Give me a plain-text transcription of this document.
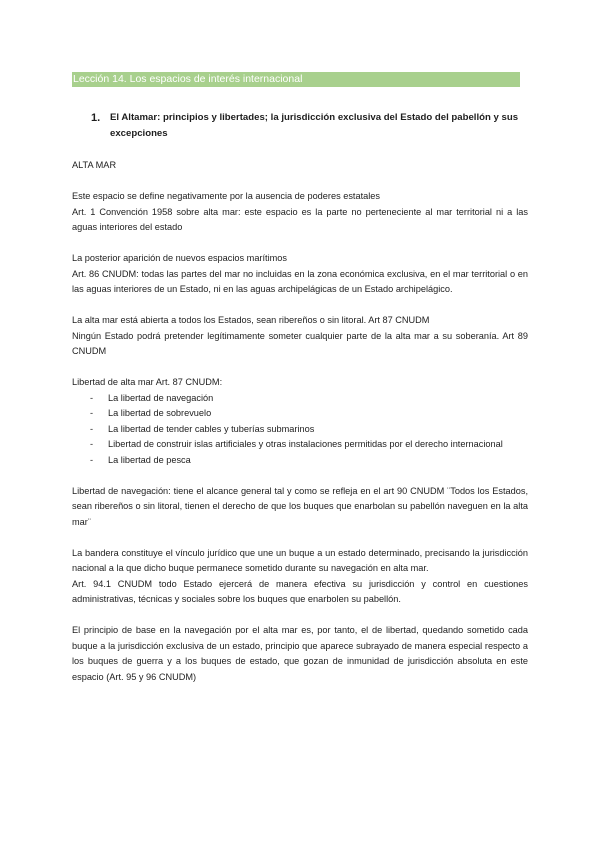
Lección 14. Los espacios de interés internacional
1. El Altamar: principios y libertades; la jurisdicción exclusiva del Estado del pabellón y sus excepciones

ALTA MAR

Este espacio se define negativamente por la ausencia de poderes estatales

Art. 1 Convención 1958 sobre alta mar: este espacio es la parte no perteneciente al mar territorial ni a las aguas interiores del estado

La posterior aparición de nuevos espacios marítimos

Art. 86 CNUDM: todas las partes del mar no incluidas en la zona económica exclusiva, en el mar territorial o en las aguas interiores de un Estado, ni en las aguas archipelágicas de un Estado archipelágico.

La alta mar está abierta a todos los Estados, sean ribereños o sin litoral. Art 87 CNUDM

Ningún Estado podrá pretender legítimamente someter cualquier parte de la alta mar a su soberanía. Art 89 CNUDM

Libertad de alta mar Art. 87 CNUDM:

- La libertad de navegación
- La libertad de sobrevuelo
- La libertad de tender cables y tuberías submarinos
- Libertad de construir islas artificiales y otras instalaciones permitidas por el derecho internacional
- La libertad de pesca

Libertad de navegación: tiene el alcance general tal y como se refleja en el art 90 CNUDM ¨Todos los Estados, sean ribereños o sin litoral, tienen el derecho de que los buques que enarbolan su pabellón naveguen en la alta mar¨

La bandera constituye el vínculo jurídico que une un buque a un estado determinado, precisando la jurisdicción nacional a la que dicho buque permanece sometido durante su navegación en alta mar.

Art. 94.1 CNUDM todo Estado ejercerá de manera efectiva su jurisdicción y control en cuestiones administrativas, técnicas y sociales sobre los buques que enarbolen su pabellón.

El principio de base en la navegación por el alta mar es, por tanto, el de libertad, quedando sometido cada buque a la jurisdicción exclusiva de un estado, principio que aparece subrayado de manera especial respecto a los buques de guerra y a los buques de estado, que gozan de inmunidad de jurisdicción absoluta en este espacio (Art. 95 y 96 CNUDM)
